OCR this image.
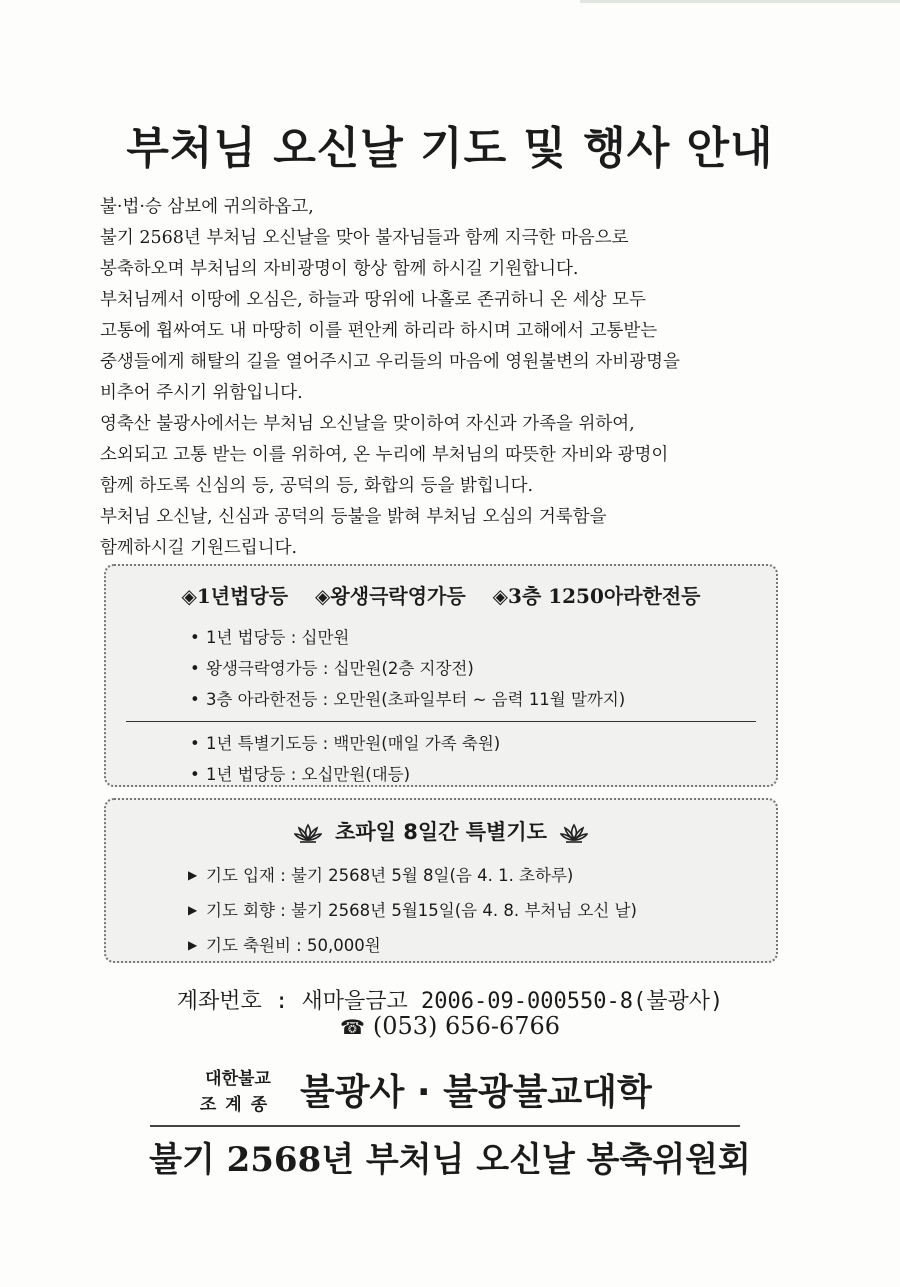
부처님 오신날 기도 및 행사 안내

불·법·승 삼보에 귀의하옵고,

불기 2568년 부처님 오신날을 맞아 불자님들과 함께 지극한 마음으로

봉축하오며 부처님의 자비광명이 항상 함께 하시길 기원합니다.

부처님께서 이땅에 오심은, 하늘과 땅위에 나홀로 존귀하니 온 세상 모두

고통에 휩싸여도 내 마땅히 이를 편안케 하리라 하시며 고해에서 고통받는

중생들에게 해탈의 길을 열어주시고 우리들의 마음에 영원불변의 자비광명을

비추어 주시기 위함입니다.

영축산 불광사에서는 부처님 오신날을 맞이하여 자신과 가족을 위하여,

소외되고 고통 받는 이를 위하여, 온 누리에 부처님의 따뜻한 자비와 광명이

함께 하도록 신심의 등, 공덕의 등, 화합의 등을 밝힙니다.

부처님 오신날, 신심과 공덕의 등불을 밝혀 부처님 오심의 거룩함을

함께하시길 기원드립니다.

◈1년법당등 ◈왕생극락영가등 ◈3층 1250아라한전등
• 1년 법당등 : 십만원
• 왕생극락영가등 : 십만원(2층 지장전)
• 3층 아라한전등 : 오만원(초파일부터 ~ 음력 11월 말까지)
• 1년 특별기도등 : 백만원(매일 가족 축원)
• 1년 법당등 : 오십만원(대등)
초파일 8일간 특별기도
▶ 기도 입재 : 불기 2568년 5월 8일(음 4. 1. 초하루)
▶ 기도 회향 : 불기 2568년 5월15일(음 4. 8. 부처님 오신 날)
▶ 기도 축원비 : 50,000원
계좌번호 : 새마을금고 2006-09-000550-8(불광사)
☎ (053) 656-6766
대한불교
조계종 불광사 · 불광불교대학
불기 2568년 부처님 오신날 봉축위원회
